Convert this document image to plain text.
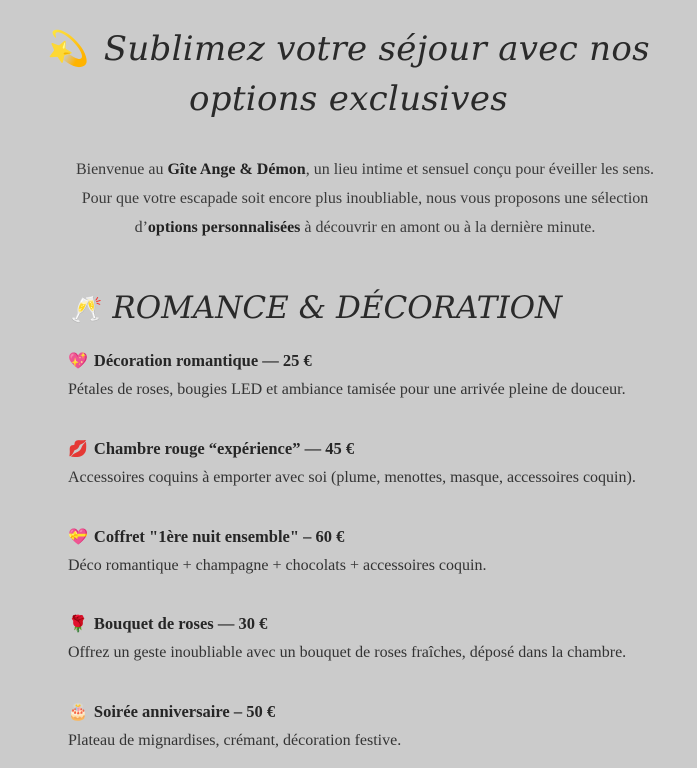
💫 Sublimez votre séjour avec nos
options exclusives

Bienvenue au Gîte Ange & Démon, un lieu intime et sensuel conçu pour éveiller les sens. Pour que votre escapade soit encore plus inoubliable, nous vous proposons une sélection d’options personnalisées à découvrir en amont ou à la dernière minute.

🥂 ROMANCE & DÉCORATION
💖 Décoration romantique — 25 €
Pétales de roses, bougies LED et ambiance tamisée pour une arrivée pleine de douceur.
💋 Chambre rouge “expérience” — 45 €
Accessoires coquins à emporter avec soi (plume, menottes, masque, accessoires coquin).
💝 Coffret "1ère nuit ensemble" – 60 €
Déco romantique + champagne + chocolats + accessoires coquin.
🌹 Bouquet de roses — 30 €
Offrez un geste inoubliable avec un bouquet de roses fraîches, déposé dans la chambre.
🎂 Soirée anniversaire – 50 €
Plateau de mignardises, crémant, décoration festive.
